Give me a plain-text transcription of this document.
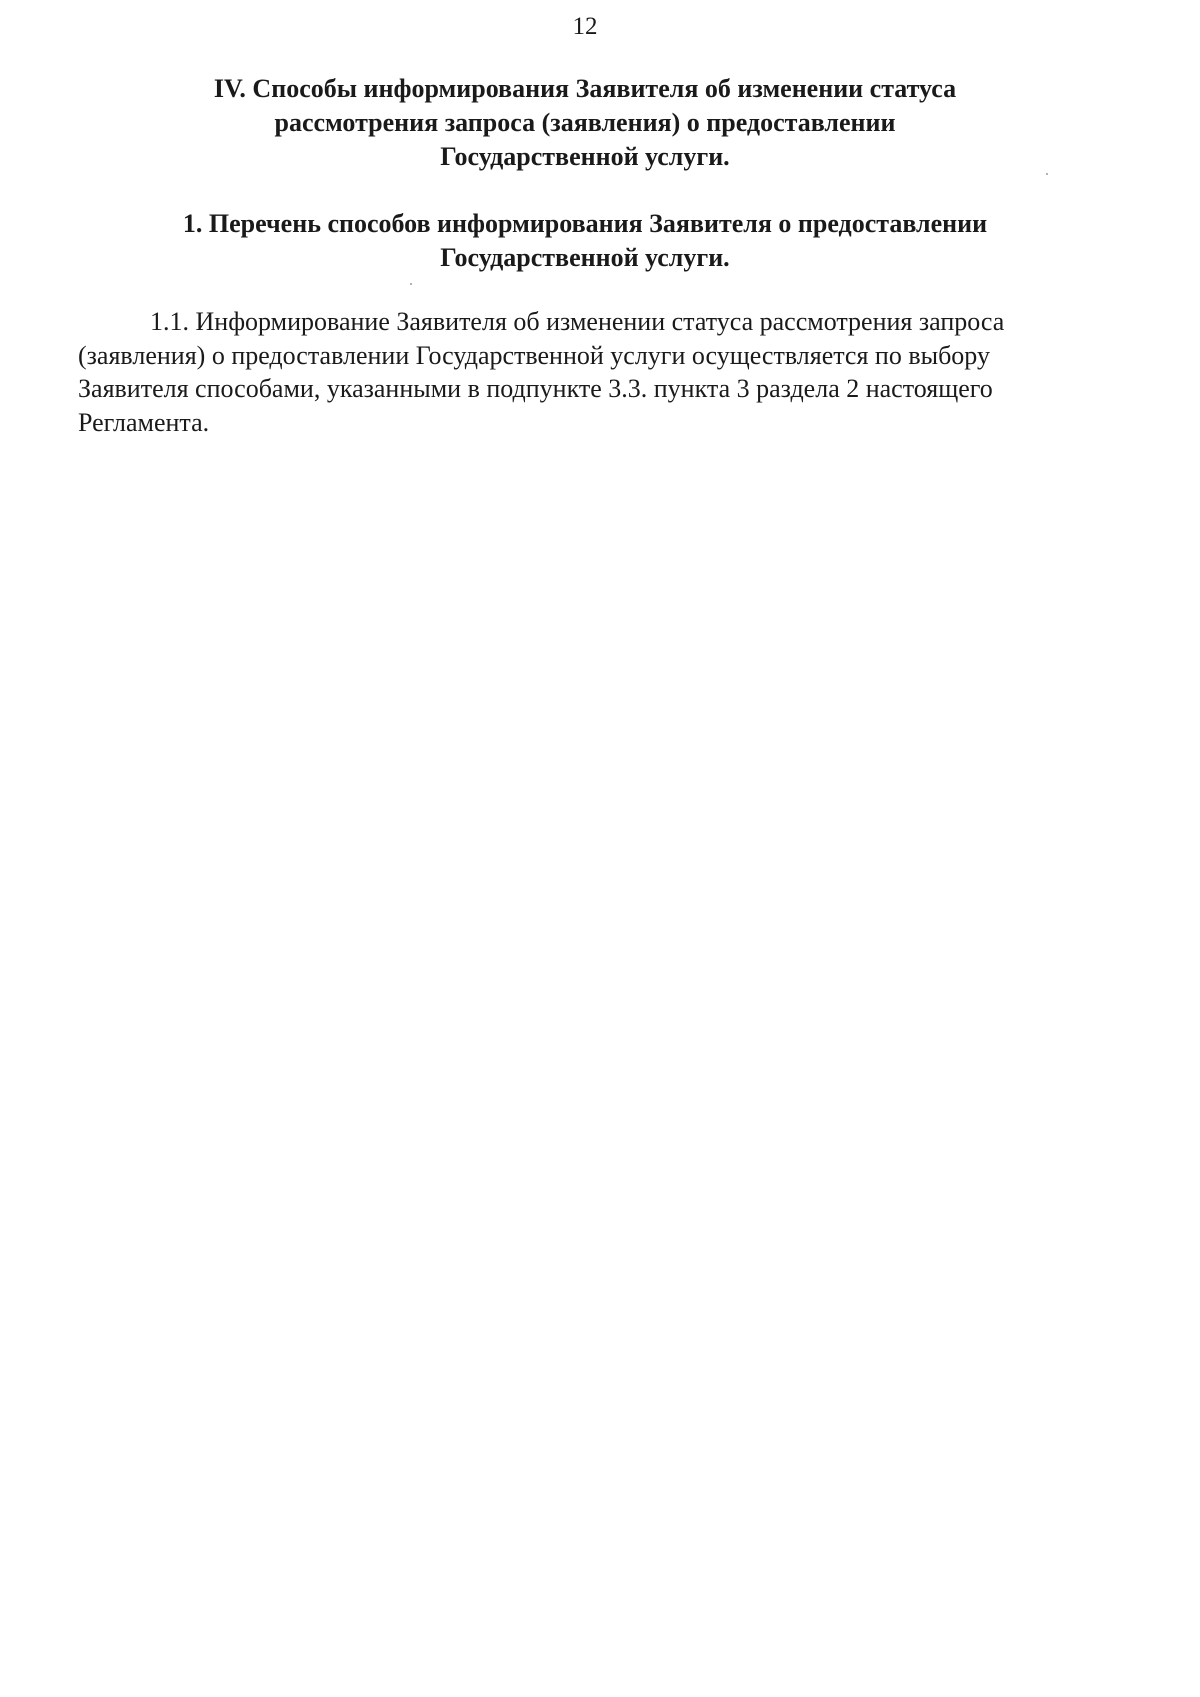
12
IV. Способы информирования Заявителя об изменении статуса
рассмотрения запроса (заявления) о предоставлении
Государственной услуги.
1. Перечень способов информирования Заявителя о предоставлении
Государственной услуги.

1.1. Информирование Заявителя об изменении статуса рассмотрения запроса
(заявления) о предоставлении Государственной услуги осуществляется по выбору
Заявителя способами, указанными в подпункте 3.3. пункта 3 раздела 2 настоящего
Регламента.
